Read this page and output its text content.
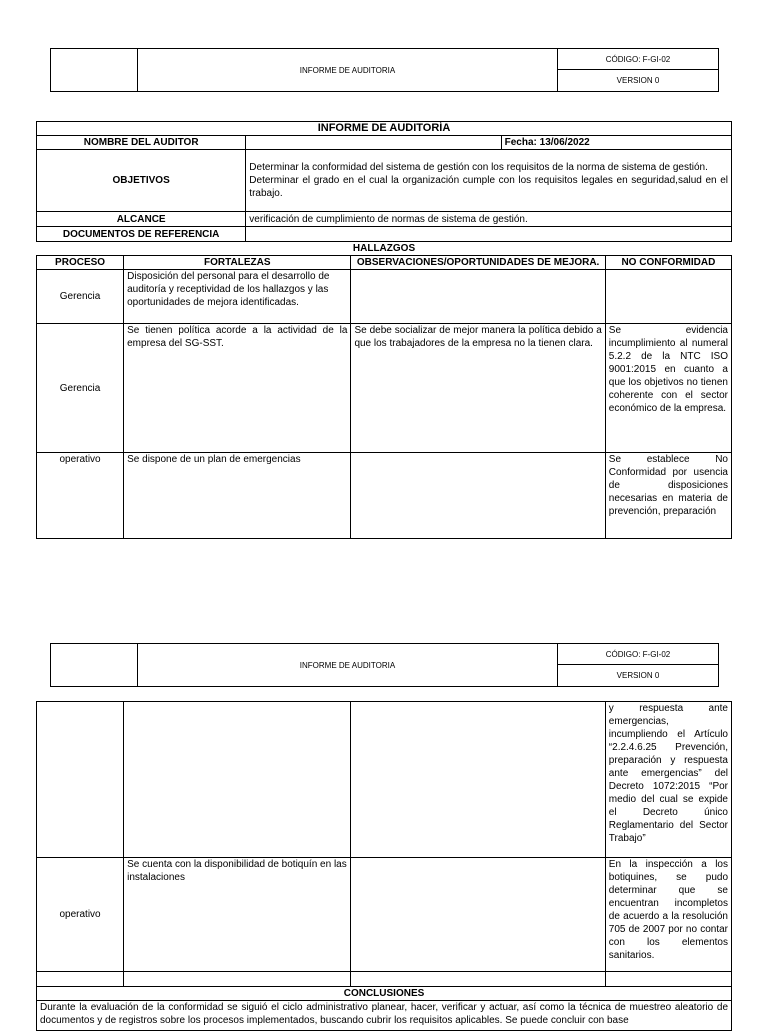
	INFORME DE AUDITORIA	CÓDIGO: F-GI-02
VERSION 0
INFORME DE AUDITORÍA					
NOMBRE DEL AUDITOR				Fecha: 13/06/2022	
OBJETIVOS		Determinar la conformidad del sistema de gestión con los requisitos de la norma de sistema de gestión.

Determinar el grado en el cual la organización cumple con los requisitos legales en seguridad,salud en el trabajo.			

ALCANCE		verificación de cumplimiento de normas de sistema de gestión.			
DOCUMENTOS DE REFERENCIA					
HALLAZGOS					
PROCESO	FORTALEZAS		OBSERVACIONES/OPORTUNIDADES DE MEJORA.		NO CONFORMIDAD
Gerencia	Disposición del personal para el desarrollo de auditoría y receptividad de los hallazgos y las oportunidades de mejora identificadas.				
Gerencia	Se tienen política acorde a la actividad de la empresa del SG-SST.		Se debe socializar de mejor manera la política debido a que los trabajadores de la empresa no la tienen clara.		Se evidencia incumplimiento al numeral 5.2.2 de la NTC ISO 9001:2015 en cuanto a que los objetivos no tienen coherente con el sector económico de la empresa.
operativo	Se dispone de un plan de emergencias				Se establece No Conformidad por usencia de disposiciones necesarias en materia de prevención, preparación
	INFORME DE AUDITORIA	CÓDIGO: F-GI-02
VERSION 0
			y respuesta ante emergencias, incumpliendo el Artículo “2.2.4.6.25 Prevención, preparación y respuesta ante emergencias” del Decreto 1072:2015 “Por medio del cual se expide el Decreto único Reglamentario del Sector Trabajo”
operativo	Se cuenta con la disponibilidad de botiquín en las instalaciones		En la inspección a los botiquines, se pudo determinar que se encuentran incompletos de acuerdo a la resolución 705 de 2007 por no contar con los elementos sanitarios.

CONCLUSIONES			
Durante la evaluación de la conformidad se siguió el ciclo administrativo planear, hacer, verificar y actuar, así como la técnica de muestreo aleatorio de documentos y de registros sobre los procesos implementados, buscando cubrir los requisitos aplicables. Se puede concluir con base			
